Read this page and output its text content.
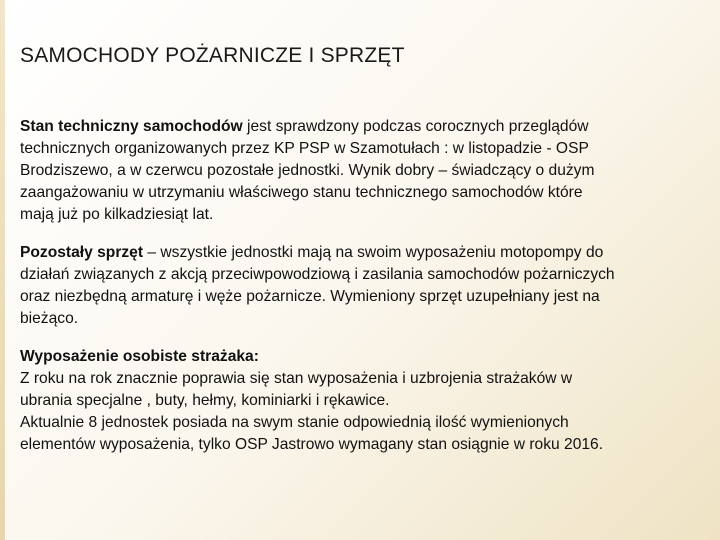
SAMOCHODY POŻARNICZE I SPRZĘT
Stan techniczny samochodów jest sprawdzony podczas corocznych przeglądów
technicznych organizowanych przez KP PSP w Szamotułach : w listopadzie - OSP
Brodziszewo, a w czerwcu pozostałe jednostki. Wynik dobry – świadczący o dużym
zaangażowaniu w utrzymaniu właściwego stanu technicznego samochodów które
mają już po kilkadziesiąt lat.
Pozostały sprzęt – wszystkie jednostki mają na swoim wyposażeniu motopompy do
działań związanych z akcją przeciwpowodziową i zasilania samochodów pożarniczych
oraz niezbędną armaturę i węże pożarnicze. Wymieniony sprzęt uzupełniany jest na
bieżąco.
Wyposażenie osobiste strażaka:
Z roku na rok znacznie poprawia się stan wyposażenia i uzbrojenia strażaków w
ubrania specjalne , buty, hełmy, kominiarki i rękawice.
Aktualnie 8 jednostek posiada na swym stanie odpowiednią ilość wymienionych
elementów wyposażenia, tylko OSP Jastrowo wymagany stan osiągnie w roku 2016.
